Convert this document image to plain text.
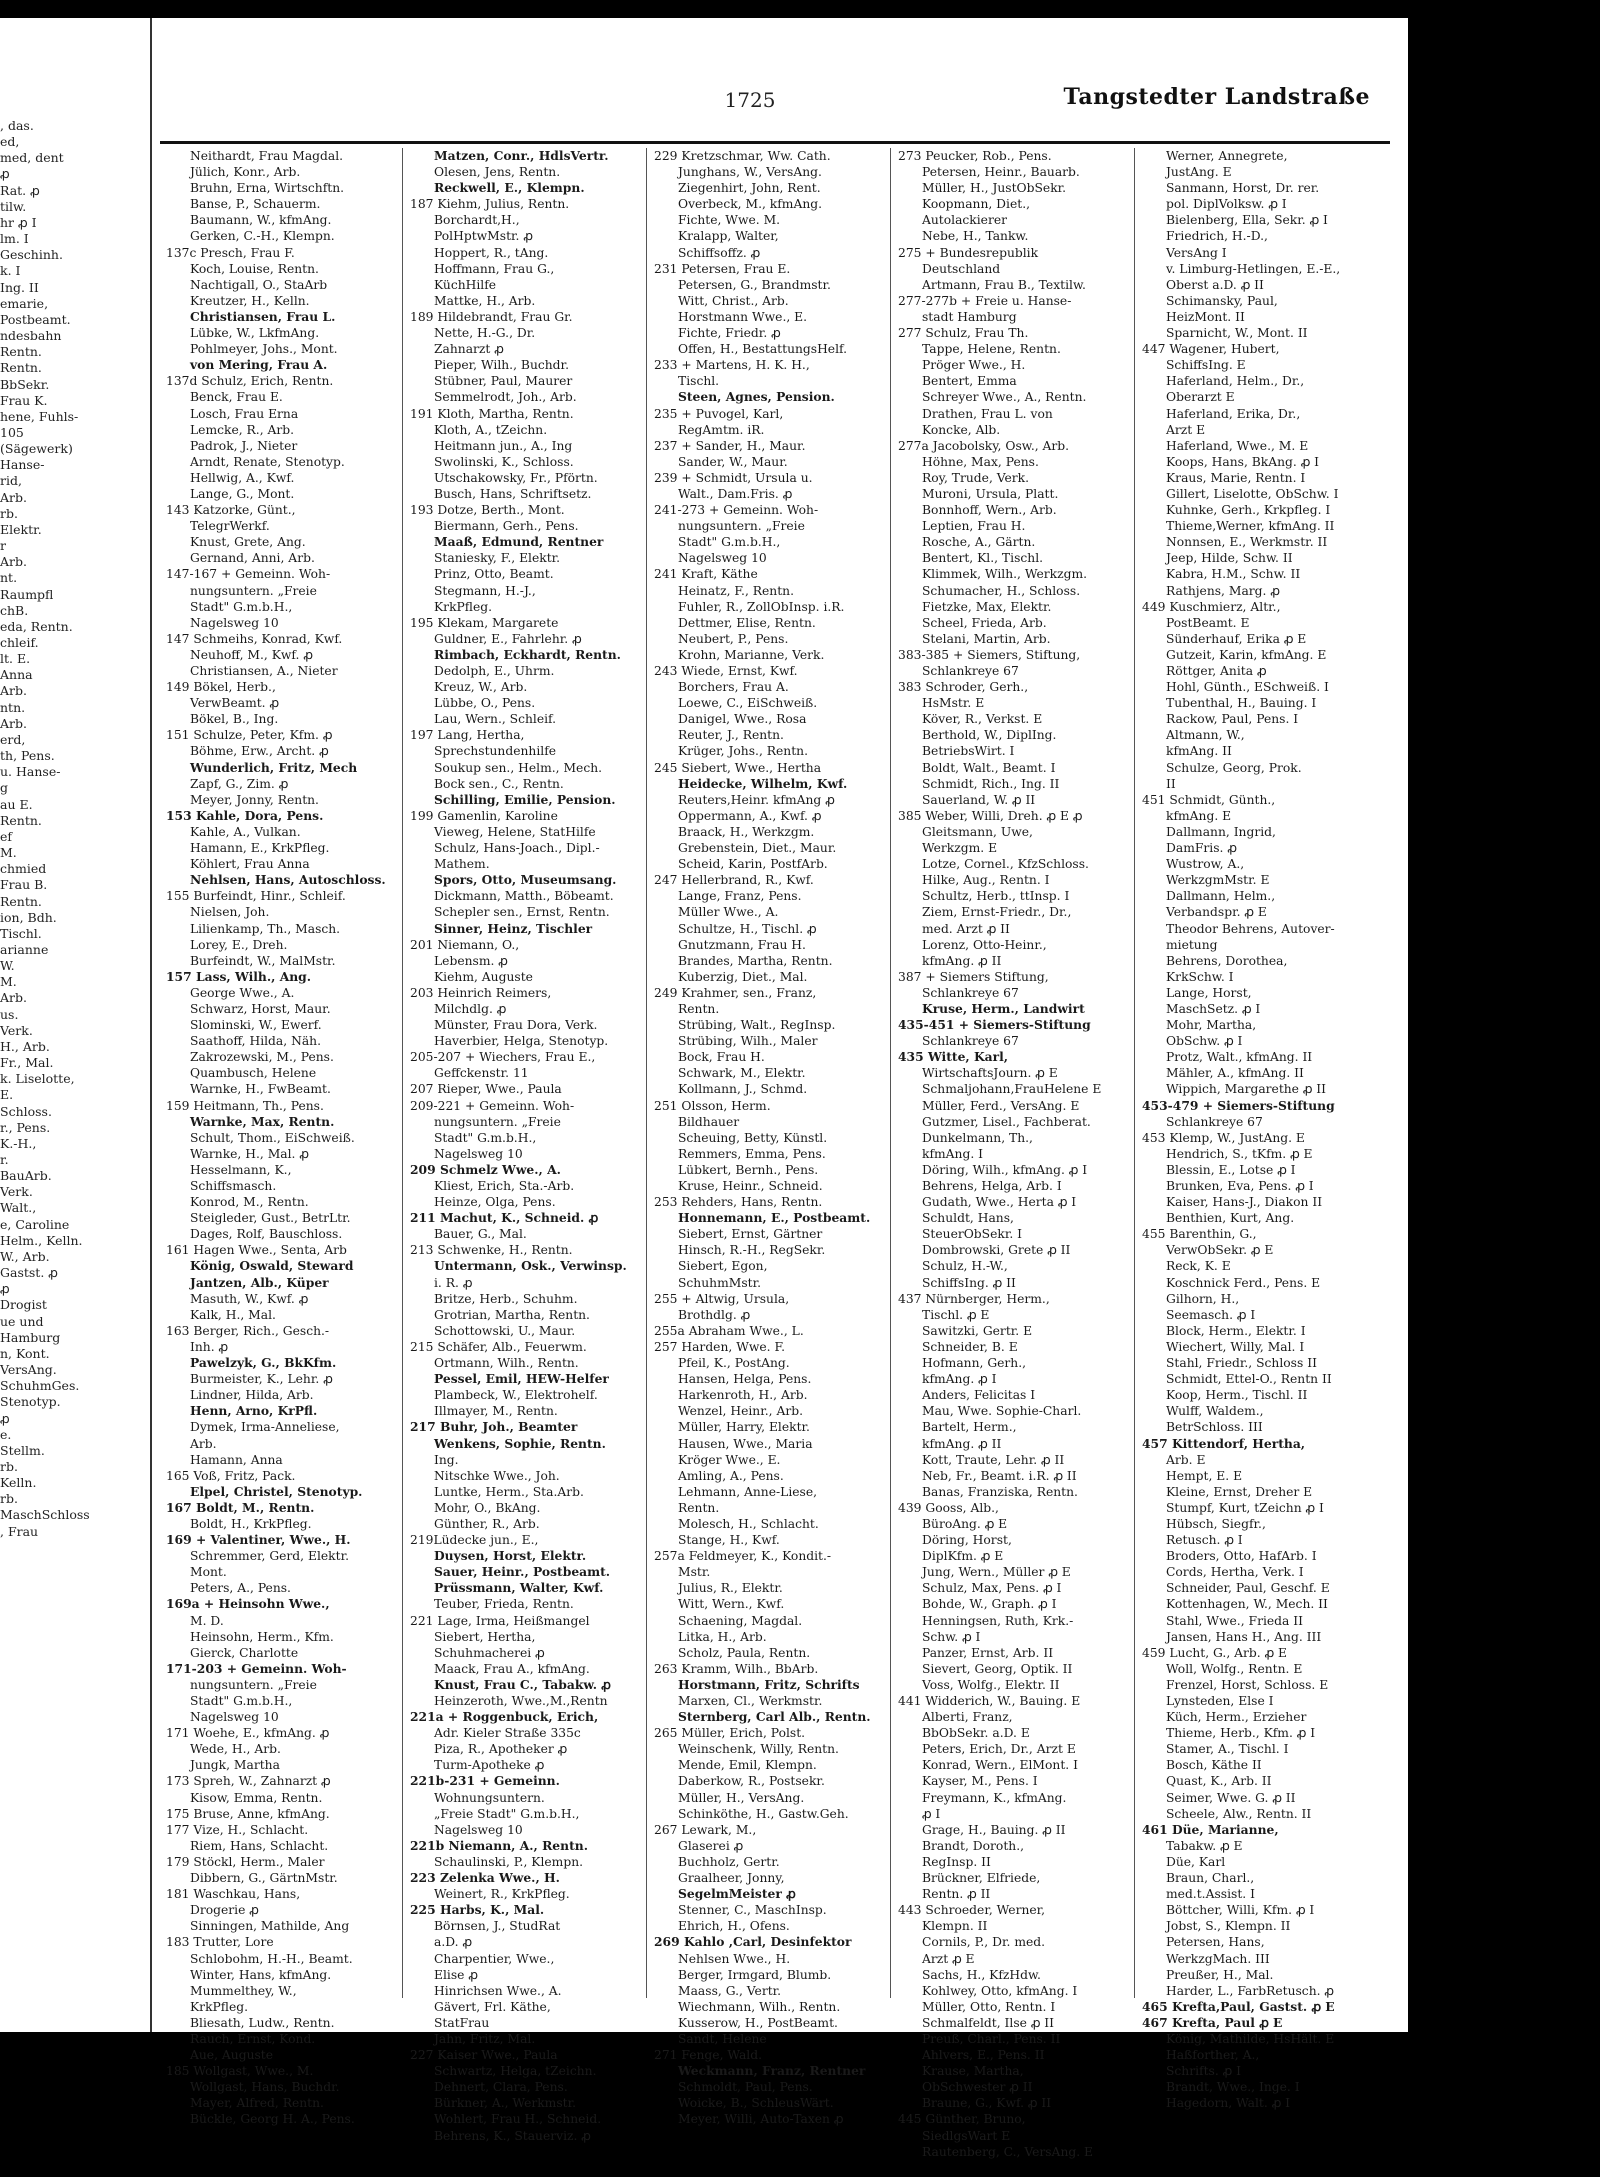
, das.
ed,
med, dent
ꝓ
Rat. ꝓ
tilw.
hr ꝓ I
lm. I
Geschinh.
k. I
Ing. II
emarie,
Postbeamt.
ndesbahn
Rentn.
Rentn.
BbSekr.
Frau K.
hene, Fuhls-
105
(Sägewerk)
Hanse-
rid,
Arb.
rb.
Elektr.
r
Arb.
nt.
Raumpfl
chB.
eda, Rentn.
chleif.
lt. E.
Anna
Arb.
ntn.
Arb.
erd,
th, Pens.
u. Hanse-
g
au E.
Rentn.
ef
M.
chmied
Frau B.
Rentn.
ion, Bdh.
Tischl.
arianne
W.
M.
Arb.
us.
Verk.
H., Arb.
Fr., Mal.
k. Liselotte,
E.
Schloss.
r., Pens.
K.-H.,
r.
BauArb.
Verk.
Walt.,
e, Caroline
Helm., Kelln.
W., Arb.
Gastst. ꝓ
ꝓ
Drogist
ue und
Hamburg
n, Kont.
VersAng.
SchuhmGes.
Stenotyp.
ꝓ
e.
Stellm.
rb.
Kelln.
rb.
MaschSchloss
, Frau
1725	Tangstedter Landstraße
Neithardt, Frau Magdal.
Jülich, Konr., Arb.
Bruhn, Erna, Wirtschftn.
Banse, P., Schauerm.
Baumann, W., kfmAng.
Gerken, C.-H., Klempn.
137c Presch, Frau F.
Koch, Louise, Rentn.
Nachtigall, O., StaArb
Kreutzer, H., Kelln.
Christiansen, Frau L.
Lübke, W., LkfmAng.
Pohlmeyer, Johs., Mont.
von Mering, Frau A.
137d Schulz, Erich, Rentn.
Benck, Frau E.
Losch, Frau Erna
Lemcke, R., Arb.
Padrok, J., Nieter
Arndt, Renate, Stenotyp.
Hellwig, A., Kwf.
Lange, G., Mont.
143 Katzorke, Günt.,
TelegrWerkf.
Knust, Grete, Ang.
Gernand, Anni, Arb.
147-167 + Gemeinn. Woh-
nungsuntern. „Freie
Stadt" G.m.b.H.,
Nagelsweg 10
147 Schmeihs, Konrad, Kwf.
Neuhoff, M., Kwf. ꝓ
Christiansen, A., Nieter
149 Bökel, Herb.,
VerwBeamt. ꝓ
Bökel, B., Ing.
151 Schulze, Peter, Kfm. ꝓ
Böhme, Erw., Archt. ꝓ
Wunderlich, Fritz, Mech
Zapf, G., Zim. ꝓ
Meyer, Jonny, Rentn.
153 Kahle, Dora, Pens.
Kahle, A., Vulkan.
Hamann, E., KrkPfleg.
Köhlert, Frau Anna
Nehlsen, Hans, Autoschloss.
155 Burfeindt, Hinr., Schleif.
Nielsen, Joh.
Lilienkamp, Th., Masch.
Lorey, E., Dreh.
Burfeindt, W., MalMstr.
157 Lass, Wilh., Ang.
George Wwe., A.
Schwarz, Horst, Maur.
Slominski, W., Ewerf.
Saathoff, Hilda, Näh.
Zakrozewski, M., Pens.
Quambusch, Helene
Warnke, H., FwBeamt.
159 Heitmann, Th., Pens.
Warnke, Max, Rentn.
Schult, Thom., EiSchweiß.
Warnke, H., Mal. ꝓ
Hesselmann, K.,
Schiffsmasch.
Konrod, M., Rentn.
Steigleder, Gust., BetrLtr.
Dages, Rolf, Bauschloss.
161 Hagen Wwe., Senta, Arb
König, Oswald, Steward
Jantzen, Alb., Küper
Masuth, W., Kwf. ꝓ
Kalk, H., Mal.
163 Berger, Rich., Gesch.-
Inh. ꝓ
Pawelzyk, G., BkKfm.
Burmeister, K., Lehr. ꝓ
Lindner, Hilda, Arb.
Henn, Arno, KrPfl.
Dymek, Irma-Anneliese,
Arb.
Hamann, Anna
165 Voß, Fritz, Pack.
Elpel, Christel, Stenotyp.
167 Boldt, M., Rentn.
Boldt, H., KrkPfleg.
169 + Valentiner, Wwe., H.
Schremmer, Gerd, Elektr.
Mont.
Peters, A., Pens.
169a + Heinsohn Wwe.,
M. D.
Heinsohn, Herm., Kfm.
Gierck, Charlotte
171-203 + Gemeinn. Woh-
nungsuntern. „Freie
Stadt" G.m.b.H.,
Nagelsweg 10
171 Woehe, E., kfmAng. ꝓ
Wede, H., Arb.
Jungk, Martha
173 Spreh, W., Zahnarzt ꝓ
Kisow, Emma, Rentn.
175 Bruse, Anne, kfmAng.
177 Vize, H., Schlacht.
Riem, Hans, Schlacht.
179 Stöckl, Herm., Maler
Dibbern, G., GärtnMstr.
181 Waschkau, Hans,
Drogerie ꝓ
Sinningen, Mathilde, Ang
183 Trutter, Lore
Schlobohm, H.-H., Beamt.
Winter, Hans, kfmAng.
Mummelthey, W.,
KrkPfleg.
Bliesath, Ludw., Rentn.
Rauch, Ernst, Kond.
Aue, Auguste
185 Wollgast, Wwe., M.
Wollgast, Hans, Buchdr.
Mayer, Alfred, Rentn.
Bückle, Georg H. A., Pens.
Matzen, Conr., HdlsVertr.
Olesen, Jens, Rentn.
Reckwell, E., Klempn.
187 Kiehm, Julius, Rentn.
Borchardt,H.,
PolHptwMstr. ꝓ
Hoppert, R., tAng.
Hoffmann, Frau G.,
KüchHilfe
Mattke, H., Arb.
189 Hildebrandt, Frau Gr.
Nette, H.-G., Dr.
Zahnarzt ꝓ
Pieper, Wilh., Buchdr.
Stübner, Paul, Maurer
Semmelrodt, Joh., Arb.
191 Kloth, Martha, Rentn.
Kloth, A., tZeichn.
Heitmann jun., A., Ing
Swolinski, K., Schloss.
Utschakowsky, Fr., Pförtn.
Busch, Hans, Schriftsetz.
193 Dotze, Berth., Mont.
Biermann, Gerh., Pens.
Maaß, Edmund, Rentner
Staniesky, F., Elektr.
Prinz, Otto, Beamt.
Stegmann, H.-J.,
KrkPfleg.
195 Klekam, Margarete
Guldner, E., Fahrlehr. ꝓ
Rimbach, Eckhardt, Rentn.
Dedolph, E., Uhrm.
Kreuz, W., Arb.
Lübbe, O., Pens.
Lau, Wern., Schleif.
197 Lang, Hertha,
Sprechstundenhilfe
Soukup sen., Helm., Mech.
Bock sen., C., Rentn.
Schilling, Emilie, Pension.
199 Gamenlin, Karoline
Vieweg, Helene, StatHilfe
Schulz, Hans-Joach., Dipl.-
Mathem.
Spors, Otto, Museumsang.
Dickmann, Matth., Böbeamt.
Schepler sen., Ernst, Rentn.
Sinner, Heinz, Tischler
201 Niemann, O.,
Lebensm. ꝓ
Kiehm, Auguste
203 Heinrich Reimers,
Milchdlg. ꝓ
Münster, Frau Dora, Verk.
Haverbier, Helga, Stenotyp.
205-207 + Wiechers, Frau E.,
Geffckenstr. 11
207 Rieper, Wwe., Paula
209-221 + Gemeinn. Woh-
nungsuntern. „Freie
Stadt" G.m.b.H.,
Nagelsweg 10
209 Schmelz Wwe., A.
Kliest, Erich, Sta.-Arb.
Heinze, Olga, Pens.
211 Machut, K., Schneid. ꝓ
Bauer, G., Mal.
213 Schwenke, H., Rentn.
Untermann, Osk., Verwinsp.
i. R. ꝓ
Britze, Herb., Schuhm.
Grotrian, Martha, Rentn.
Schottowski, U., Maur.
215 Schäfer, Alb., Feuerwm.
Ortmann, Wilh., Rentn.
Pessel, Emil, HEW-Helfer
Plambeck, W., Elektrohelf.
Illmayer, M., Rentn.
217 Buhr, Joh., Beamter
Wenkens, Sophie, Rentn.
Ing.
Nitschke Wwe., Joh.
Luntke, Herm., Sta.Arb.
Mohr, O., BkAng.
Günther, R., Arb.
219Lüdecke jun., E.,
Duysen, Horst, Elektr.
Sauer, Heinr., Postbeamt.
Prüssmann, Walter, Kwf.
Teuber, Frieda, Rentn.
221 Lage, Irma, Heißmangel
Siebert, Hertha,
Schuhmacherei ꝓ
Maack, Frau A., kfmAng.
Knust, Frau C., Tabakw. ꝓ
Heinzeroth, Wwe.,M.,Rentn
221a + Roggenbuck, Erich,
Adr. Kieler Straße 335c
Piza, R., Apotheker ꝓ
Turm-Apotheke ꝓ
221b-231 + Gemeinn.
Wohnungsuntern.
„Freie Stadt" G.m.b.H.,
Nagelsweg 10
221b Niemann, A., Rentn.
Schaulinski, P., Klempn.
223 Zelenka Wwe., H.
Weinert, R., KrkPfleg.
225 Harbs, K., Mal.
Börnsen, J., StudRat
a.D. ꝓ
Charpentier, Wwe.,
Elise ꝓ
Hinrichsen Wwe., A.
Gävert, Frl. Käthe,
StatFrau
Jahn, Fritz, Mal.
227 Kaiser Wwe., Paula
Schwartz, Helga, tZeichn.
Dehnert, Clara, Pens.
Bürkner, A., Werkmstr.
Wohlert, Frau H., Schneid.
Behrens, K., Stauerviz. ꝓ
229 Kretzschmar, Ww. Cath.
Junghans, W., VersAng.
Ziegenhirt, John, Rent.
Overbeck, M., kfmAng.
Fichte, Wwe. M.
Kralapp, Walter,
Schiffsoffz. ꝓ
231 Petersen, Frau E.
Petersen, G., Brandmstr.
Witt, Christ., Arb.
Horstmann Wwe., E.
Fichte, Friedr. ꝓ
Offen, H., BestattungsHelf.
233 + Martens, H. K. H.,
Tischl.
Steen, Agnes, Pension.
235 + Puvogel, Karl,
RegAmtm. iR.
237 + Sander, H., Maur.
Sander, W., Maur.
239 + Schmidt, Ursula u.
Walt., Dam.Fris. ꝓ
241-273 + Gemeinn. Woh-
nungsuntern. „Freie
Stadt" G.m.b.H.,
Nagelsweg 10
241 Kraft, Käthe
Heinatz, F., Rentn.
Fuhler, R., ZollObInsp. i.R.
Dettmer, Elise, Rentn.
Neubert, P., Pens.
Krohn, Marianne, Verk.
243 Wiede, Ernst, Kwf.
Borchers, Frau A.
Loewe, C., EiSchweiß.
Danigel, Wwe., Rosa
Reuter, J., Rentn.
Krüger, Johs., Rentn.
245 Siebert, Wwe., Hertha
Heidecke, Wilhelm, Kwf.
Reuters,Heinr. kfmAng ꝓ
Oppermann, A., Kwf. ꝓ
Braack, H., Werkzgm.
Grebenstein, Diet., Maur.
Scheid, Karin, PostfArb.
247 Hellerbrand, R., Kwf.
Lange, Franz, Pens.
Müller Wwe., A.
Schultze, H., Tischl. ꝓ
Gnutzmann, Frau H.
Brandes, Martha, Rentn.
Kuberzig, Diet., Mal.
249 Krahmer, sen., Franz,
Rentn.
Strübing, Walt., RegInsp.
Strübing, Wilh., Maler
Bock, Frau H.
Schwark, M., Elektr.
Kollmann, J., Schmd.
251 Olsson, Herm.
Bildhauer
Scheuing, Betty, Künstl.
Remmers, Emma, Pens.
Lübkert, Bernh., Pens.
Kruse, Heinr., Schneid.
253 Rehders, Hans, Rentn.
Honnemann, E., Postbeamt.
Siebert, Ernst, Gärtner
Hinsch, R.-H., RegSekr.
Siebert, Egon,
SchuhmMstr.
255 + Altwig, Ursula,
Brothdlg. ꝓ
255a Abraham Wwe., L.
257 Harden, Wwe. F.
Pfeil, K., PostAng.
Hansen, Helga, Pens.
Harkenroth, H., Arb.
Wenzel, Heinr., Arb.
Müller, Harry, Elektr.
Hausen, Wwe., Maria
Kröger Wwe., E.
Amling, A., Pens.
Lehmann, Anne-Liese,
Rentn.
Molesch, H., Schlacht.
Stange, H., Kwf.
257a Feldmeyer, K., Kondit.-
Mstr.
Julius, R., Elektr.
Witt, Wern., Kwf.
Schaening, Magdal.
Litka, H., Arb.
Scholz, Paula, Rentn.
263 Kramm, Wilh., BbArb.
Horstmann, Fritz, Schrifts
Marxen, Cl., Werkmstr.
Sternberg, Carl Alb., Rentn.
265 Müller, Erich, Polst.
Weinschenk, Willy, Rentn.
Mende, Emil, Klempn.
Daberkow, R., Postsekr.
Müller, H., VersAng.
Schinköthe, H., Gastw.Geh.
267 Lewark, M.,
Glaserei ꝓ
Buchholz, Gertr.
Graalheer, Jonny,
SegelmMeister ꝓ
Stenner, C., MaschInsp.
Ehrich, H., Ofens.
269 Kahlo ,Carl, Desinfektor
Nehlsen Wwe., H.
Berger, Irmgard, Blumb.
Maass, G., Vertr.
Wiechmann, Wilh., Rentn.
Kusserow, H., PostBeamt.
Sandt, Helene
271 Fenge, Wald.
Weckmann, Franz, Rentner
Schmoldt, Paul, Pens.
Woicke, B., SchleusWärt.
Meyer, Willi, Auto-Taxen ꝓ
273 Peucker, Rob., Pens.
Petersen, Heinr., Bauarb.
Müller, H., JustObSekr.
Koopmann, Diet.,
Autolackierer
Nebe, H., Tankw.
275 + Bundesrepublik
Deutschland
Artmann, Frau B., Textilw.
277-277b + Freie u. Hanse-
stadt Hamburg
277 Schulz, Frau Th.
Tappe, Helene, Rentn.
Pröger Wwe., H.
Bentert, Emma
Schreyer Wwe., A., Rentn.
Drathen, Frau L. von
Koncke, Alb.
277a Jacobolsky, Osw., Arb.
Höhne, Max, Pens.
Roy, Trude, Verk.
Muroni, Ursula, Platt.
Bonnhoff, Wern., Arb.
Leptien, Frau H.
Rosche, A., Gärtn.
Bentert, Kl., Tischl.
Klimmek, Wilh., Werkzgm.
Schumacher, H., Schloss.
Fietzke, Max, Elektr.
Scheel, Frieda, Arb.
Stelani, Martin, Arb.
383-385 + Siemers, Stiftung,
Schlankreye 67
383 Schroder, Gerh.,
HsMstr. E
Köver, R., Verkst. E
Berthold, W., DiplIng.
BetriebsWirt. I
Boldt, Walt., Beamt. I
Schmidt, Rich., Ing. II
Sauerland, W. ꝓ II
385 Weber, Willi, Dreh. ꝓ E ꝓ
Gleitsmann, Uwe,
Werkzgm. E
Lotze, Cornel., KfzSchloss.
Hilke, Aug., Rentn. I
Schultz, Herb., ttInsp. I
Ziem, Ernst-Friedr., Dr.,
med. Arzt ꝓ II
Lorenz, Otto-Heinr.,
kfmAng. ꝓ II
387 + Siemers Stiftung,
Schlankreye 67
Kruse, Herm., Landwirt
435-451 + Siemers-Stiftung
Schlankreye 67
435 Witte, Karl,
WirtschaftsJourn. ꝓ E
Schmaljohann,FrauHelene E
Müller, Ferd., VersAng. E
Gutzmer, Lisel., Fachberat.
Dunkelmann, Th.,
kfmAng. I
Döring, Wilh., kfmAng. ꝓ I
Behrens, Helga, Arb. I
Gudath, Wwe., Herta ꝓ I
Schuldt, Hans,
SteuerObSekr. I
Dombrowski, Grete ꝓ II
Schulz, H.-W.,
SchiffsIng. ꝓ II
437 Nürnberger, Herm.,
Tischl. ꝓ E
Sawitzki, Gertr. E
Schneider, B. E
Hofmann, Gerh.,
kfmAng. ꝓ I
Anders, Felicitas I
Mau, Wwe. Sophie-Charl.
Bartelt, Herm.,
kfmAng. ꝓ II
Kott, Traute, Lehr. ꝓ II
Neb, Fr., Beamt. i.R. ꝓ II
Banas, Franziska, Rentn.
439 Gooss, Alb.,
BüroAng. ꝓ E
Döring, Horst,
DiplKfm. ꝓ E
Jung, Wern., Müller ꝓ E
Schulz, Max, Pens. ꝓ I
Bohde, W., Graph. ꝓ I
Henningsen, Ruth, Krk.-
Schw. ꝓ I
Panzer, Ernst, Arb. II
Sievert, Georg, Optik. II
Voss, Wolfg., Elektr. II
441 Widderich, W., Bauing. E
Alberti, Franz,
BbObSekr. a.D. E
Peters, Erich, Dr., Arzt E
Konrad, Wern., ElMont. I
Kayser, M., Pens. I
Freymann, K., kfmAng.
ꝓ I
Grage, H., Bauing. ꝓ II
Brandt, Doroth.,
RegInsp. II
Brückner, Elfriede,
Rentn. ꝓ II
443 Schroeder, Werner,
Klempn. II
Cornils, P., Dr. med.
Arzt ꝓ E
Sachs, H., KfzHdw.
Kohlwey, Otto, kfmAng. I
Müller, Otto, Rentn. I
Schmalfeldt, Ilse ꝓ II
Preuß, Charl., Pens. II
Ahlvers, E., Pens. II
Krause, Martha,
ObSchwester ꝓ II
Braune, G., Kwf. ꝓ II
445 Günther, Bruno,
SiedlgsWart E
Rautenberg, C., VersAng. E
Werner, Annegrete,
JustAng. E
Sanmann, Horst, Dr. rer.
pol. DiplVolksw. ꝓ I
Bielenberg, Ella, Sekr. ꝓ I
Friedrich, H.-D.,
VersAng I
v. Limburg-Hetlingen, E.-E.,
Oberst a.D. ꝓ II
Schimansky, Paul,
HeizMont. II
Sparnicht, W., Mont. II
447 Wagener, Hubert,
SchiffsIng. E
Haferland, Helm., Dr.,
Oberarzt E
Haferland, Erika, Dr.,
Arzt E
Haferland, Wwe., M. E
Koops, Hans, BkAng. ꝓ I
Kraus, Marie, Rentn. I
Gillert, Liselotte, ObSchw. I
Kuhnke, Gerh., Krkpfleg. I
Thieme,Werner, kfmAng. II
Nonnsen, E., Werkmstr. II
Jeep, Hilde, Schw. II
Kabra, H.M., Schw. II
Rathjens, Marg. ꝓ
449 Kuschmierz, Altr.,
PostBeamt. E
Sünderhauf, Erika ꝓ E
Gutzeit, Karin, kfmAng. E
Röttger, Anita ꝓ
Hohl, Günth., ESchweiß. I
Tubenthal, H., Bauing. I
Rackow, Paul, Pens. I
Altmann, W.,
kfmAng. II
Schulze, Georg, Prok.
II
451 Schmidt, Günth.,
kfmAng. E
Dallmann, Ingrid,
DamFris. ꝓ
Wustrow, A.,
WerkzgmMstr. E
Dallmann, Helm.,
Verbandspr. ꝓ E
Theodor Behrens, Autover-
mietung
Behrens, Dorothea,
KrkSchw. I
Lange, Horst,
MaschSetz. ꝓ I
Mohr, Martha,
ObSchw. ꝓ I
Protz, Walt., kfmAng. II
Mähler, A., kfmAng. II
Wippich, Margarethe ꝓ II
453-479 + Siemers-Stiftung
Schlankreye 67
453 Klemp, W., JustAng. E
Hendrich, S., tKfm. ꝓ E
Blessin, E., Lotse ꝓ I
Brunken, Eva, Pens. ꝓ I
Kaiser, Hans-J., Diakon II
Benthien, Kurt, Ang.
455 Barenthin, G.,
VerwObSekr. ꝓ E
Reck, K. E
Koschnick Ferd., Pens. E
Gilhorn, H.,
Seemasch. ꝓ I
Block, Herm., Elektr. I
Wiechert, Willy, Mal. I
Stahl, Friedr., Schloss II
Schmidt, Ettel-O., Rentn II
Koop, Herm., Tischl. II
Wulff, Waldem.,
BetrSchloss. III
457 Kittendorf, Hertha,
Arb. E
Hempt, E. E
Kleine, Ernst, Dreher E
Stumpf, Kurt, tZeichn ꝓ I
Hübsch, Siegfr.,
Retusch. ꝓ I
Broders, Otto, HafArb. I
Cords, Hertha, Verk. I
Schneider, Paul, Geschf. E
Kottenhagen, W., Mech. II
Stahl, Wwe., Frieda II
Jansen, Hans H., Ang. III
459 Lucht, G., Arb. ꝓ E
Woll, Wolfg., Rentn. E
Frenzel, Horst, Schloss. E
Lynsteden, Else I
Küch, Herm., Erzieher
Thieme, Herb., Kfm. ꝓ I
Stamer, A., Tischl. I
Bosch, Käthe II
Quast, K., Arb. II
Seimer, Wwe. G. ꝓ II
Scheele, Alw., Rentn. II
461 Düe, Marianne,
Tabakw. ꝓ E
Düe, Karl
Braun, Charl.,
med.t.Assist. I
Böttcher, Willi, Kfm. ꝓ I
Jobst, S., Klempn. II
Petersen, Hans,
WerkzgMach. III
Preußer, H., Mal.
Harder, L., FarbRetusch. ꝓ
465 Krefta,Paul, Gastst. ꝓ E
467 Krefta, Paul ꝓ E
König, Mathilde, HsHält. E
Haßforther, A.,
Schrifts. ꝓ I
Brandt, Wwe., Inge. I
Hagedorn, Walt. ꝓ I
